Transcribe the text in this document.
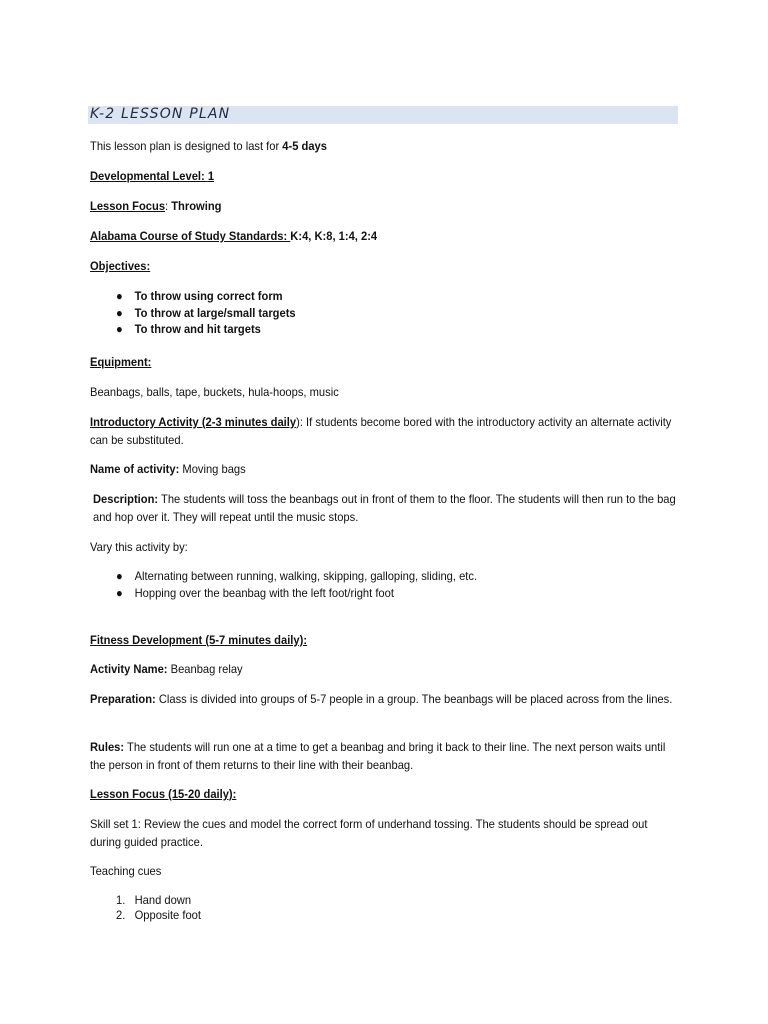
K-2 LESSON PLAN
This lesson plan is designed to last for 4-5 days
Developmental Level: 1
Lesson Focus: Throwing
Alabama Course of Study Standards: K:4, K:8, 1:4, 2:4
Objectives:
● To throw using correct form
● To throw at large/small targets
● To throw and hit targets
Equipment:
Beanbags, balls, tape, buckets, hula-hoops, music
Introductory Activity (2-3 minutes daily): If students become bored with the introductory activity an alternate activity can be substituted.
Name of activity: Moving bags
Description: The students will toss the beanbags out in front of them to the floor. The students will then run to the bag and hop over it. They will repeat until the music stops.
Vary this activity by:
● Alternating between running, walking, skipping, galloping, sliding, etc.
● Hopping over the beanbag with the left foot/right foot
Fitness Development (5-7 minutes daily):
Activity Name: Beanbag relay
Preparation: Class is divided into groups of 5-7 people in a group. The beanbags will be placed across from the lines.
Rules: The students will run one at a time to get a beanbag and bring it back to their line. The next person waits until the person in front of them returns to their line with their beanbag.
Lesson Focus (15-20 daily):
Skill set 1: Review the cues and model the correct form of underhand tossing. The students should be spread out during guided practice.
Teaching cues
1. Hand down
2. Opposite foot
